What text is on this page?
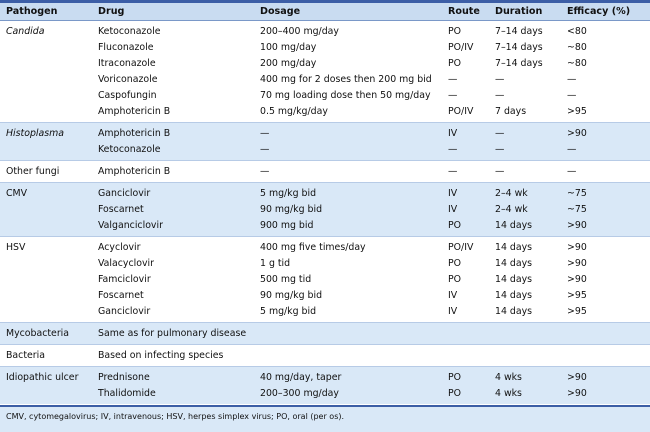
Pathogen	Drug	Dosage	Route	Duration	Efficacy (%)
Candida	Ketoconazole	200–400 mg/day	PO	7–14 days	<80
	Fluconazole	100 mg/day	PO/IV	7–14 days	~80
	Itraconazole	200 mg/day	PO	7–14 days	~80
	Voriconazole	400 mg for 2 doses then 200 mg bid	—	—	—
	Caspofungin	70 mg loading dose then 50 mg/day	—	—	—
	Amphotericin B	0.5 mg/kg/day	PO/IV	7 days	>95
Histoplasma	Amphotericin B	—	IV	—	>90
	Ketoconazole	—	—	—	—
Other fungi	Amphotericin B	—	—	—	—
CMV	Ganciclovir	5 mg/kg bid	IV	2–4 wk	~75
	Foscarnet	90 mg/kg bid	IV	2–4 wk	~75
	Valganciclovir	900 mg bid	PO	14 days	>90
HSV	Acyclovir	400 mg five times/day	PO/IV	14 days	>90
	Valacyclovir	1 g tid	PO	14 days	>90
	Famciclovir	500 mg tid	PO	14 days	>90
	Foscarnet	90 mg/kg bid	IV	14 days	>95
	Ganciclovir	5 mg/kg bid	IV	14 days	>95
Mycobacteria	Same as for pulmonary disease				
Bacteria	Based on infecting species				
Idiopathic ulcer	Prednisone	40 mg/day, taper	PO	4 wks	>90
	Thalidomide	200–300 mg/day	PO	4 wks	>90
CMV, cytomegalovirus; IV, intravenous; HSV, herpes simplex virus; PO, oral (per os).
